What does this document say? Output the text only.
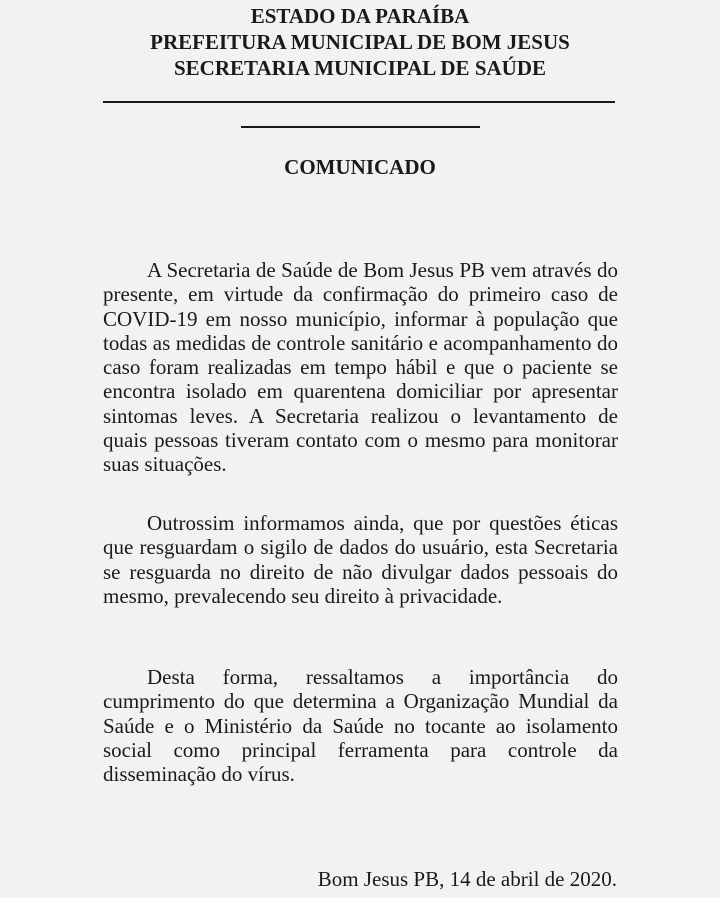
ESTADO DA PARAÍBA
PREFEITURA MUNICIPAL DE BOM JESUS
SECRETARIA MUNICIPAL DE SAÚDE
COMUNICADO

A Secretaria de Saúde de Bom Jesus PB vem através do presente, em virtude da confirmação do primeiro caso de COVID-19 em nosso município, informar à população que todas as medidas de controle sanitário e acompanhamento do caso foram realizadas em tempo hábil e que o paciente se encontra isolado em quarentena domiciliar por apresentar sintomas leves. A Secretaria realizou o levantamento de quais pessoas tiveram contato com o mesmo para monitorar suas situações.

Outrossim informamos ainda, que por questões éticas que resguardam o sigilo de dados do usuário, esta Secretaria se resguarda no direito de não divulgar dados pessoais do mesmo, prevalecendo seu direito à privacidade.

Desta forma, ressaltamos a importância do cumprimento do que determina a Organização Mundial da Saúde e o Ministério da Saúde no tocante ao isolamento social como principal ferramenta para controle da disseminação do vírus.

Bom Jesus PB, 14 de abril de 2020.
